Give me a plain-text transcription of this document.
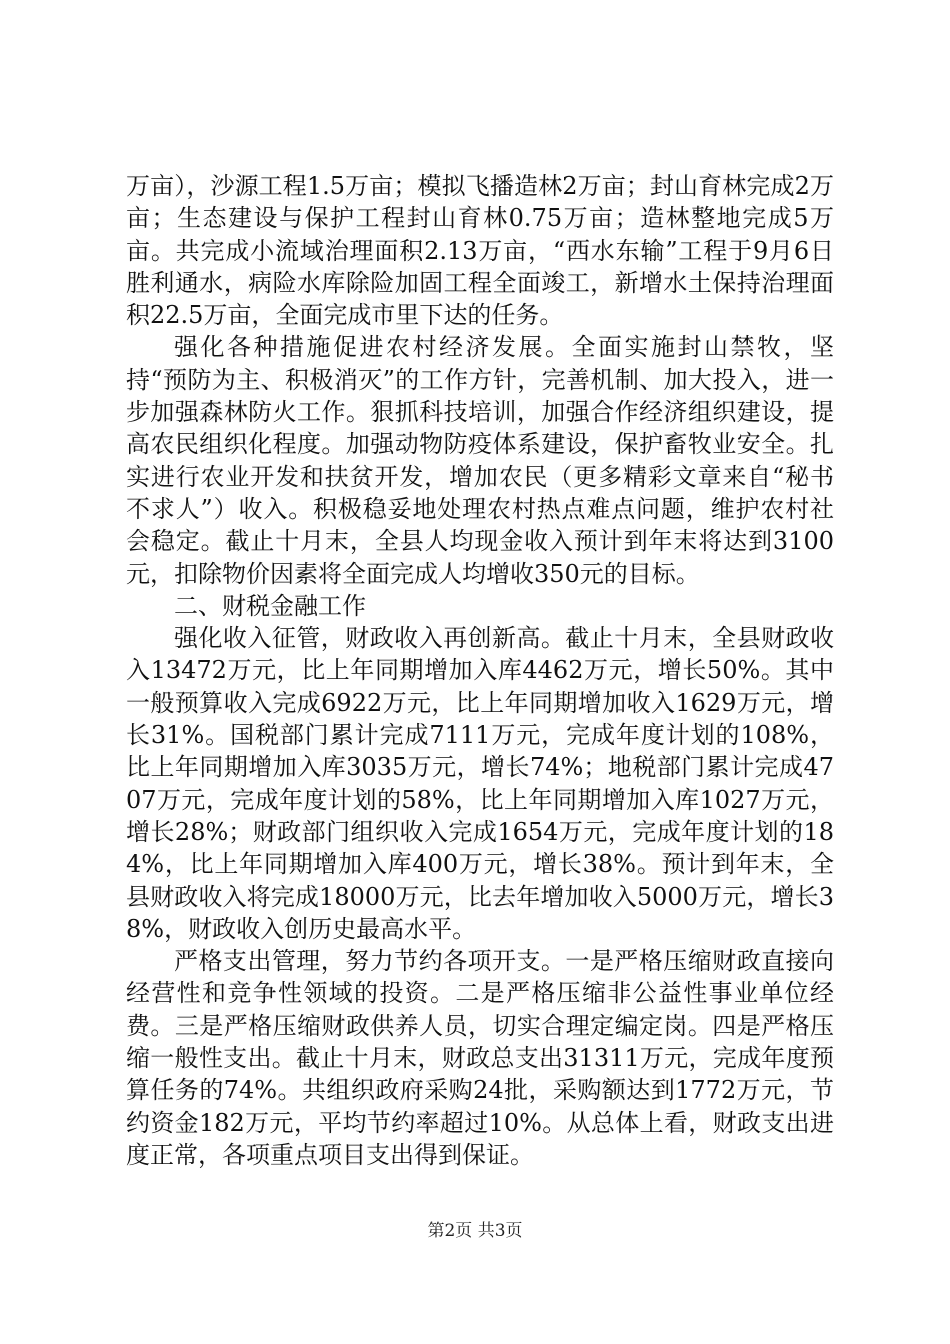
万亩），沙源工程1.5万亩；模拟飞播造林2万亩；封山育林完成2万亩；生态建设与保护工程封山育林0.75万亩；造林整地完成5万亩。共完成小流域治理面积2.13万亩，“西水东输”工程于9月6日胜利通水，病险水库除险加固工程全面竣工，新增水土保持治理面积22.5万亩，全面完成市里下达的任务。

强化各种措施促进农村经济发展。全面实施封山禁牧，坚持“预防为主、积极消灭”的工作方针，完善机制、加大投入，进一步加强森林防火工作。狠抓科技培训，加强合作经济组织建设，提高农民组织化程度。加强动物防疫体系建设，保护畜牧业安全。扎实进行农业开发和扶贫开发，增加农民（更多精彩文章来自“秘书不求人”）收入。积极稳妥地处理农村热点难点问题，维护农村社会稳定。截止十月末，全县人均现金收入预计到年末将达到3100元，扣除物价因素将全面完成人均增收350元的目标。

二、财税金融工作

强化收入征管，财政收入再创新高。截止十月末，全县财政收入13472万元，比上年同期增加入库4462万元，增长50%。其中一般预算收入完成6922万元，比上年同期增加收入1629万元，增长31%。国税部门累计完成7111万元，完成年度计划的108%，比上年同期增加入库3035万元，增长74%；地税部门累计完成4707万元，完成年度计划的58%，比上年同期增加入库1027万元，增长28%；财政部门组织收入完成1654万元，完成年度计划的184%，比上年同期增加入库400万元，增长38%。预计到年末，全县财政收入将完成18000万元，比去年增加收入5000万元，增长38%，财政收入创历史最高水平。

严格支出管理，努力节约各项开支。一是严格压缩财政直接向经营性和竞争性领域的投资。二是严格压缩非公益性事业单位经费。三是严格压缩财政供养人员，切实合理定编定岗。四是严格压缩一般性支出。截止十月末，财政总支出31311万元，完成年度预算任务的74%。共组织政府采购24批，采购额达到1772万元，节约资金182万元，平均节约率超过10%。从总体上看，财政支出进度正常，各项重点项目支出得到保证。

第2页 共3页
